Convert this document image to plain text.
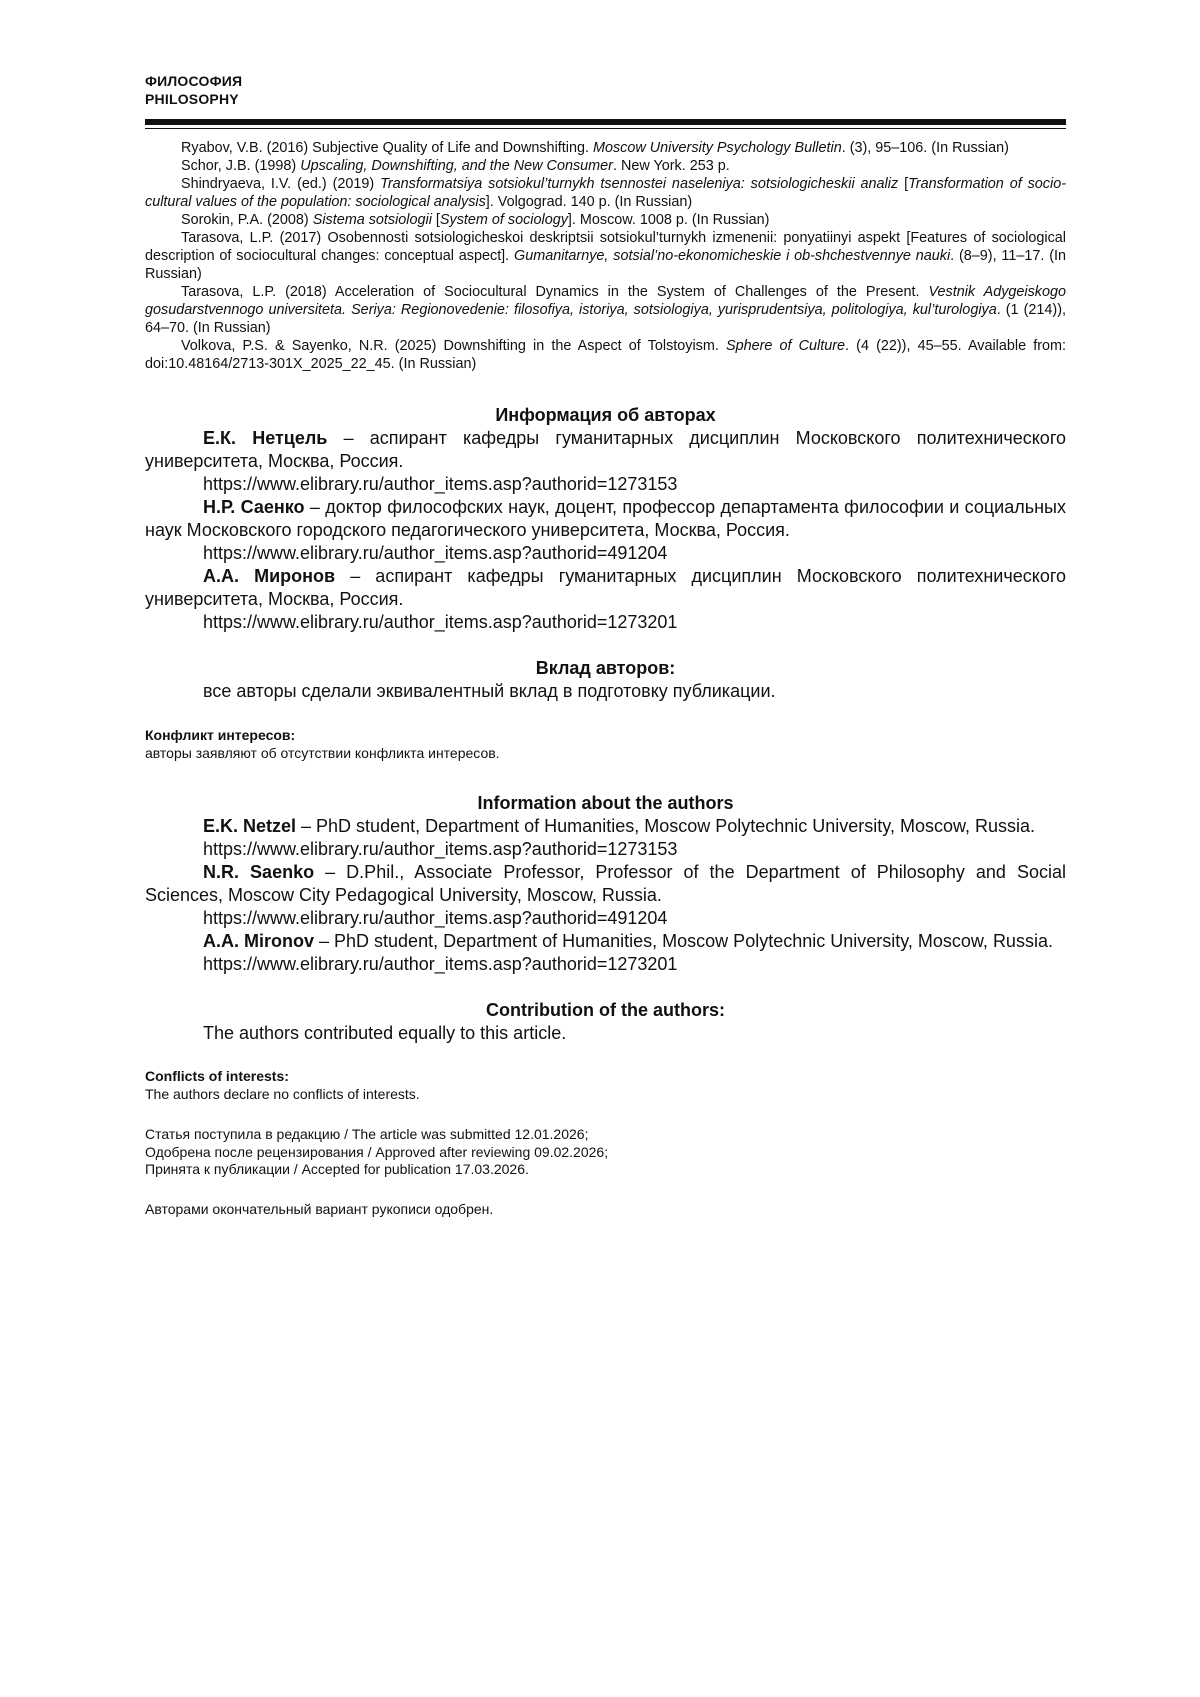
ФИЛОСОФИЯ
PHILOSOPHY

Ryabov, V.B. (2016) Subjective Quality of Life and Downshifting. Moscow University Psychology Bulletin. (3), 95–106. (In Russian)

Schor, J.B. (1998) Upscaling, Downshifting, and the New Consumer. New York. 253 p.

Shindryaeva, I.V. (ed.) (2019) Transformatsiya sotsiokul’turnykh tsennostei naseleniya: sotsiologicheskii analiz [Transformation of socio-cultural values of the population: sociological analysis]. Volgograd. 140 p. (In Russian)

Sorokin, P.A. (2008) Sistema sotsiologii [System of sociology]. Moscow. 1008 p. (In Russian)

Tarasova, L.P. (2017) Osobennosti sotsiologicheskoi deskriptsii sotsiokul’turnykh izmenenii: ponyatiinyi aspekt [Features of sociological description of sociocultural changes: conceptual aspect]. Gumanitarnye, sotsial’no-ekonomicheskie i ob-shchestvennye nauki. (8–9), 11–17. (In Russian)

Tarasova, L.P. (2018) Acceleration of Sociocultural Dynamics in the System of Challenges of the Present. Vestnik Adygeiskogo gosudarstvennogo universiteta. Seriya: Regionovedenie: filosofiya, istoriya, sotsiologiya, yurisprudentsiya, politologiya, kul’turologiya. (1 (214)), 64–70. (In Russian)

Volkova, P.S. & Sayenko, N.R. (2025) Downshifting in the Aspect of Tolstoyism. Sphere of Culture. (4 (22)), 45–55. Available from: doi:10.48164/2713-301X_2025_22_45. (In Russian)

Информация об авторах

Е.К. Нетцель – аспирант кафедры гуманитарных дисциплин Московского политехнического университета, Москва, Россия.

https://www.elibrary.ru/author_items.asp?authorid=1273153

Н.Р. Саенко – доктор философских наук, доцент, профессор департамента философии и социальных наук Московского городского педагогического университета, Москва, Россия.

https://www.elibrary.ru/author_items.asp?authorid=491204

А.А. Миронов – аспирант кафедры гуманитарных дисциплин Московского политехнического университета, Москва, Россия.

https://www.elibrary.ru/author_items.asp?authorid=1273201

Вклад авторов:

все авторы сделали эквивалентный вклад в подготовку публикации.

Конфликт интересов:

авторы заявляют об отсутствии конфликта интересов.

Information about the authors

E.K. Netzel – PhD student, Department of Humanities, Moscow Polytechnic University, Moscow, Russia.

https://www.elibrary.ru/author_items.asp?authorid=1273153

N.R. Saenko – D.Phil., Associate Professor, Professor of the Department of Philosophy and Social Sciences, Moscow City Pedagogical University, Moscow, Russia.

https://www.elibrary.ru/author_items.asp?authorid=491204

A.A. Mironov – PhD student, Department of Humanities, Moscow Polytechnic University, Moscow, Russia.

https://www.elibrary.ru/author_items.asp?authorid=1273201

Contribution of the authors:

The authors contributed equally to this article.

Conflicts of interests:

The authors declare no conflicts of interests.

Статья поступила в редакцию / The article was submitted 12.01.2026;

Одобрена после рецензирования / Approved after reviewing 09.02.2026;

Принята к публикации / Accepted for publication 17.03.2026.

Авторами окончательный вариант рукописи одобрен.
